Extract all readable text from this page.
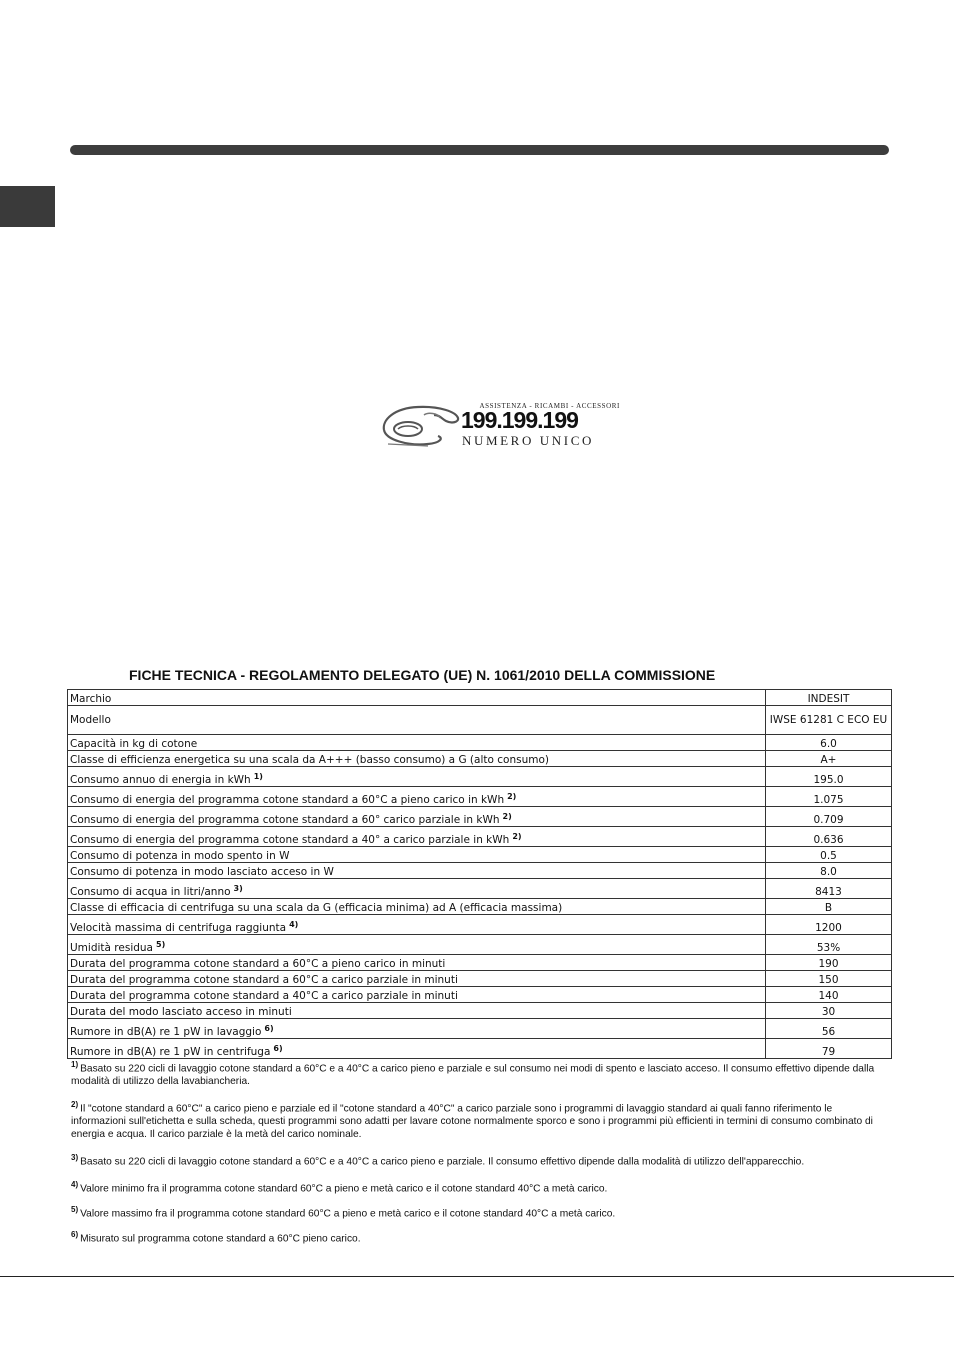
ASSISTENZA - RICAMBI - ACCESSORI
199.199.199
NUMERO UNICO
FICHE TECNICA - REGOLAMENTO DELEGATO (UE) N. 1061/2010 DELLA COMMISSIONE
Marchio	INDESIT
Modello	IWSE 61281 C ECO EU
Capacità in kg di cotone	6.0
Classe di efficienza energetica su una scala da A+++ (basso consumo) a G (alto consumo)	A+
Consumo annuo di energia in kWh $^{1)}$	195.0
Consumo di energia del programma cotone standard a 60°C a pieno carico in kWh $^{2)}$	1.075
Consumo di energia del programma cotone standard a 60° carico parziale in kWh $^{2)}$	0.709
Consumo di energia del programma cotone standard a 40° a carico parziale in kWh $^{2)}$	0.636
Consumo di potenza in modo spento in W	0.5
Consumo di potenza in modo lasciato acceso in W	8.0
Consumo di acqua in litri/anno $^{3)}$	8413
Classe di efficacia di centrifuga su una scala da G (efficacia minima) ad A (efficacia massima)	B
Velocità massima di centrifuga raggiunta $^{4)}$	1200
Umidità residua $^{5)}$	53%
Durata del programma cotone standard a 60°C a pieno carico in minuti	190
Durata del programma cotone standard a 60°C a carico parziale in minuti	150
Durata del programma cotone standard a 40°C a carico parziale in minuti	140
Durata del modo lasciato acceso in minuti	30
Rumore in dB(A) re 1 pW in lavaggio $^{6)}$	56
Rumore in dB(A) re 1 pW in centrifuga $^{6)}$	79
$^{1)}$ Basato su 220 cicli di lavaggio cotone standard a 60°C e a 40°C a carico pieno e parziale e sul consumo nei modi di spento e lasciato acceso. Il consumo effettivo dipende dalla modalità di utilizzo della lavabiancheria.
$^{2)}$ Il "cotone standard a 60°C" a carico pieno e parziale ed il "cotone standard a 40°C" a carico parziale sono i programmi di lavaggio standard ai quali fanno riferimento le informazioni sull'etichetta e sulla scheda, questi programmi sono adatti per lavare cotone normalmente sporco e sono i programmi più efficienti in termini di consumo combinato di energia e acqua. Il carico parziale è la metà del carico nominale.
$^{3)}$ Basato su 220 cicli di lavaggio cotone standard a 60°C e a 40°C a carico pieno e parziale. Il consumo effettivo dipende dalla modalità di utilizzo dell'apparecchio.
$^{4)}$ Valore minimo fra il programma cotone standard 60°C a pieno e metà carico e il cotone standard 40°C a metà carico.
$^{5)}$ Valore massimo fra il programma cotone standard 60°C a pieno e metà carico e il cotone standard 40°C a metà carico.
$^{6)}$ Misurato sul programma cotone standard a 60°C pieno carico.
